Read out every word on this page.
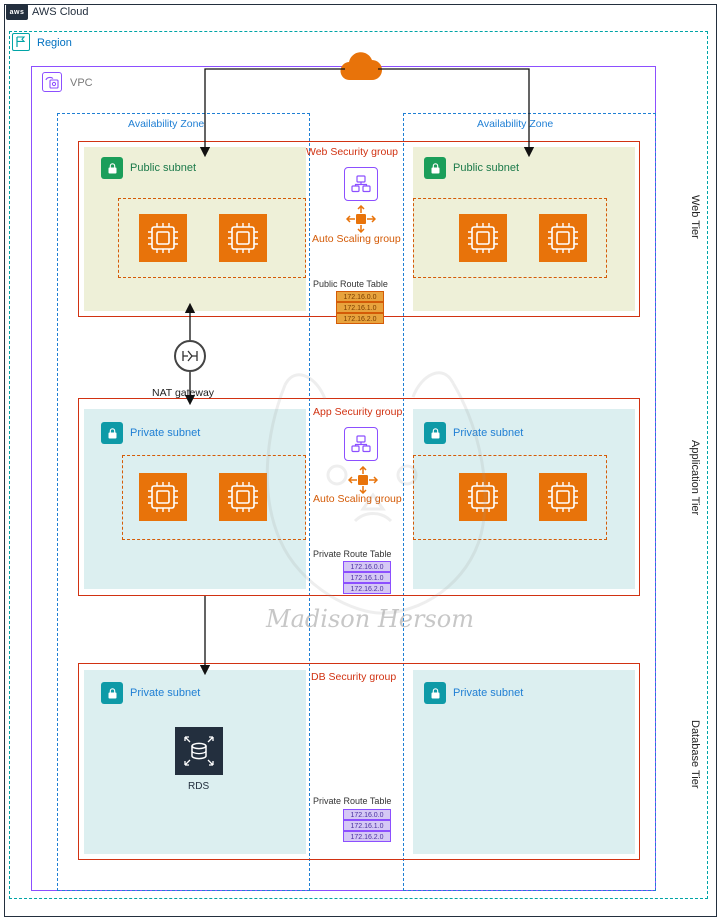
aws AWS Cloud
Region
VPC
Availability Zone	Availability Zone
Public subnet	Public subnet
Web Security group
Auto Scaling group
Public Route Table
172.16.0.0
172.16.1.0
172.16.2.0
Private subnet	Private subnet
App Security group
Auto Scaling group
Private Route Table
172.16.0.0
172.16.1.0
172.16.2.0
Private subnet	Private subnet
DB Security group
RDS
Private Route Table
172.16.0.0
172.16.1.0
172.16.2.0
NAT gateway
Madison Hersom
Web Tier
Application Tier
Database Tier
